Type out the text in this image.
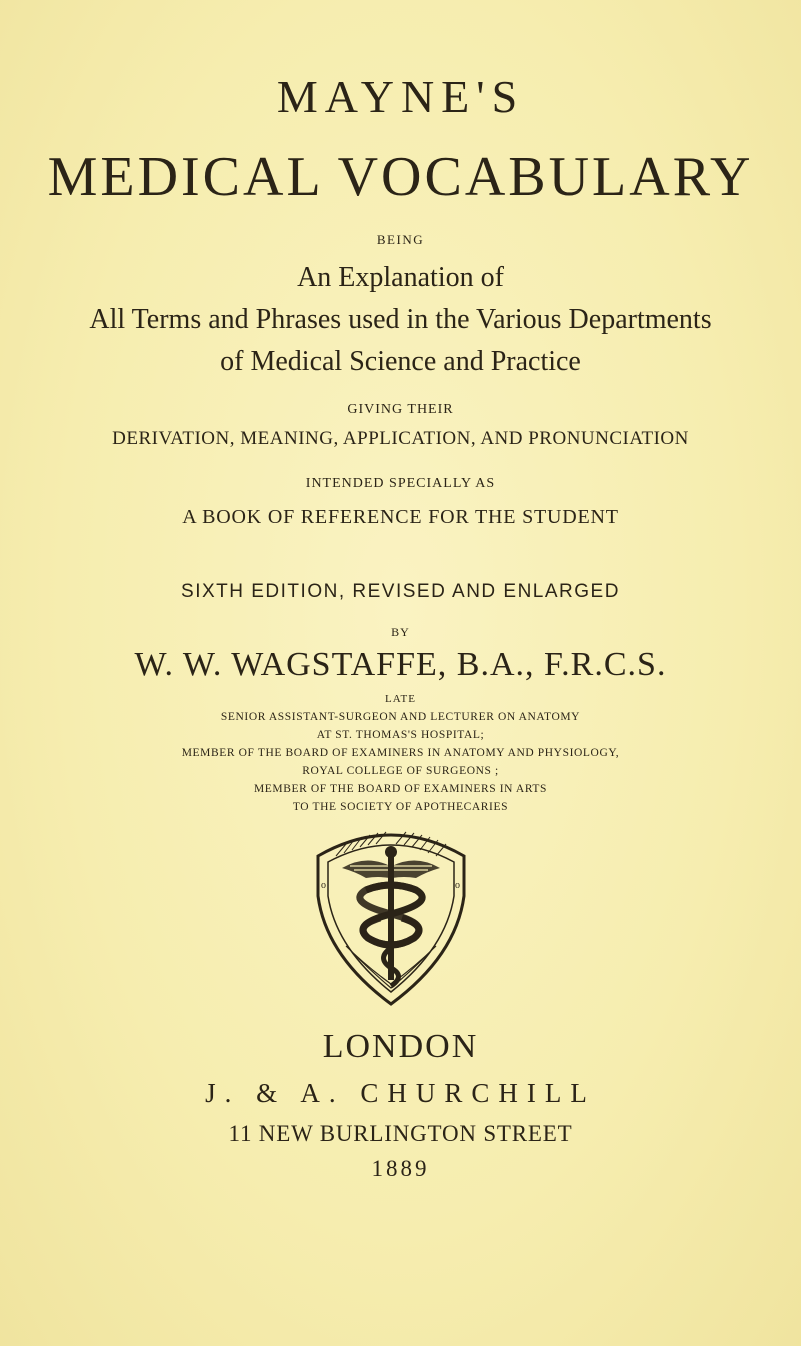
MAYNE'S
MEDICAL VOCABULARY
BEING
An Explanation of
All Terms and Phrases used in the Various Departments
of Medical Science and Practice
GIVING THEIR
DERIVATION, MEANING, APPLICATION, AND PRONUNCIATION
INTENDED SPECIALLY AS
A BOOK OF REFERENCE FOR THE STUDENT
SIXTH EDITION, REVISED AND ENLARGED
BY
W. W. WAGSTAFFE, B.A., F.R.C.S.
LATE
SENIOR ASSISTANT-SURGEON AND LECTURER ON ANATOMY
AT ST. THOMAS'S HOSPITAL;
MEMBER OF THE BOARD OF EXAMINERS IN ANATOMY AND PHYSIOLOGY,
ROYAL COLLEGE OF SURGEONS ;
MEMBER OF THE BOARD OF EXAMINERS IN ARTS
TO THE SOCIETY OF APOTHECARIES
o	o
LONDON
J. & A. CHURCHILL
11 NEW BURLINGTON STREET
1889
